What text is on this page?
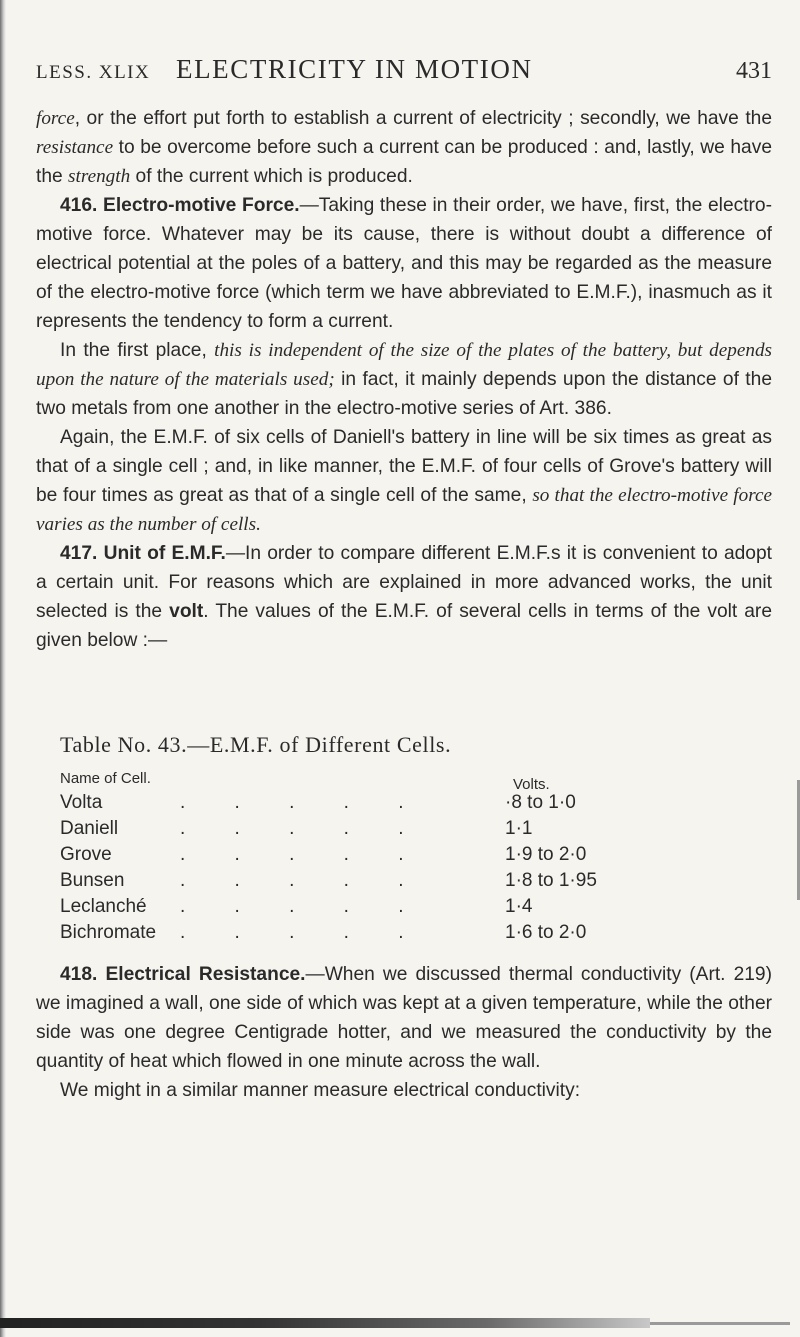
LESS. XLIX ELECTRICITY IN MOTION	431

force, or the effort put forth to establish a current of electricity ; secondly, we have the resistance to be overcome before such a current can be produced : and, lastly, we have the strength of the current which is produced.

416. Electro-motive Force.—Taking these in their order, we have, first, the electro-motive force. Whatever may be its cause, there is without doubt a difference of electrical potential at the poles of a battery, and this may be regarded as the measure of the electro-motive force (which term we have abbreviated to E.M.F.), inasmuch as it represents the tendency to form a current.

In the first place, this is independent of the size of the plates of the battery, but depends upon the nature of the materials used; in fact, it mainly depends upon the distance of the two metals from one another in the electro-motive series of Art. 386.

Again, the E.M.F. of six cells of Daniell's battery in line will be six times as great as that of a single cell ; and, in like manner, the E.M.F. of four cells of Grove's battery will be four times as great as that of a single cell of the same, so that the electro-motive force varies as the number of cells.

417. Unit of E.M.F.—In order to compare different E.M.F.s it is convenient to adopt a certain unit. For reasons which are explained in more advanced works, the unit selected is the volt. The values of the E.M.F. of several cells in terms of the volt are given below :—

Table No. 43.—E.M.F. of Different Cells.
Name of Cell.	Volts.
Volta	. . . . .	·8 to 1·0
Daniell	. . . . .	1·1
Grove	. . . . .	1·9 to 2·0
Bunsen	. . . . .	1·8 to 1·95
Leclanché . . . . .	1·4
Bichromate . . . . .	1·6 to 2·0

418. Electrical Resistance.—When we discussed thermal conductivity (Art. 219) we imagined a wall, one side of which was kept at a given temperature, while the other side was one degree Centigrade hotter, and we measured the conductivity by the quantity of heat which flowed in one minute across the wall.

We might in a similar manner measure electrical conductivity:
